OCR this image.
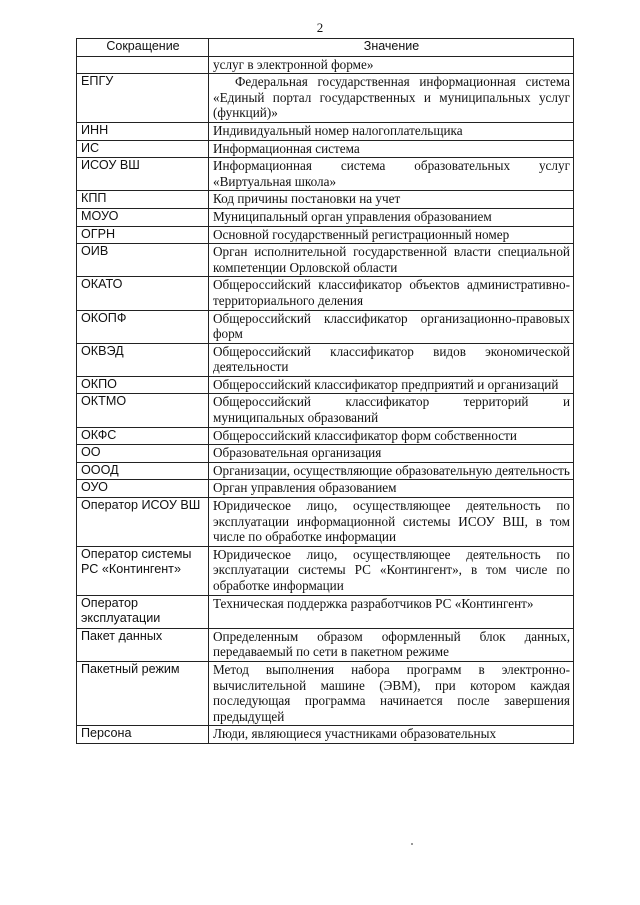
2
Сокращение	Значение
	услуг в электронной форме»
ЕПГУ	Федеральная государственная информационная система «Единый портал государственных и муниципальных услуг (функций)»
ИНН	Индивидуальный номер налогоплательщика
ИС	Информационная система
ИСОУ ВШ	Информационная система образовательных услуг «Виртуальная школа»
КПП	Код причины постановки на учет
МОУО	Муниципальный орган управления образованием
ОГРН	Основной государственный регистрационный номер
ОИВ	Орган исполнительной государственной власти специальной компетенции Орловской области
ОКАТО	Общероссийский классификатор объектов административно-территориального деления
ОКОПФ	Общероссийский классификатор организационно-правовых форм
ОКВЭД	Общероссийский классификатор видов экономической деятельности
ОКПО	Общероссийский классификатор предприятий и организаций
ОКТМО	Общероссийский классификатор территорий и муниципальных образований
ОКФС	Общероссийский классификатор форм собственности
ОО	Образовательная организация
ОООД	Организации, осуществляющие образовательную деятельность
ОУО	Орган управления образованием
Оператор ИСОУ ВШ	Юридическое лицо, осуществляющее деятельность по эксплуатации информационной системы ИСОУ ВШ, в том числе по обработке информации
Оператор системы РС «Контингент»	Юридическое лицо, осуществляющее деятельность по эксплуатации системы РС «Контингент», в том числе по обработке информации
Оператор эксплуатации	Техническая поддержка разработчиков РС «Контингент»
Пакет данных	Определенным образом оформленный блок данных, передаваемый по сети в пакетном режиме
Пакетный режим	Метод выполнения набора программ в электронно-вычислительной машине (ЭВМ), при котором каждая последующая программа начинается после завершения предыдущей
Персона	Люди, являющиеся участниками образовательных
